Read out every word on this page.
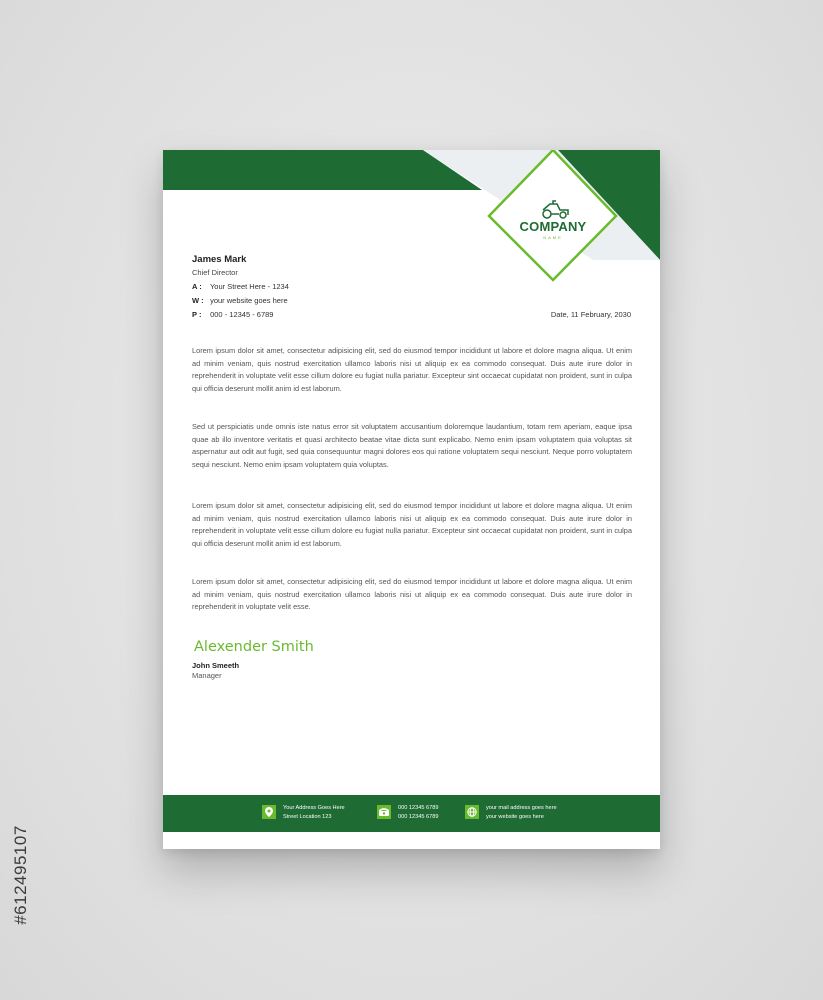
#612495107
COMPANY
NAME
James Mark
Chief Director
A : Your Street Here - 1234
W : your website goes here
P : 000 - 12345 - 6789	Date, 11 February, 2030
Lorem ipsum dolor sit amet, consectetur adipisicing elit, sed do eiusmod tempor incididunt ut labore et dolore magna aliqua. Ut enim ad minim veniam, quis nostrud exercitation ullamco laboris nisi ut aliquip ex ea commodo consequat. Duis aute irure dolor in reprehenderit in voluptate velit esse cillum dolore eu fugiat nulla pariatur. Excepteur sint occaecat cupidatat non proident, sunt in culpa qui officia deserunt mollit anim id est laborum.
Sed ut perspiciatis unde omnis iste natus error sit voluptatem accusantium doloremque laudantium, totam rem aperiam, eaque ipsa quae ab illo inventore veritatis et quasi architecto beatae vitae dicta sunt explicabo. Nemo enim ipsam voluptatem quia voluptas sit aspernatur aut odit aut fugit, sed quia consequuntur magni dolores eos qui ratione voluptatem sequi nesciunt. Neque porro voluptatem sequi nesciunt. Nemo enim ipsam voluptatem quia voluptas.
Lorem ipsum dolor sit amet, consectetur adipisicing elit, sed do eiusmod tempor incididunt ut labore et dolore magna aliqua. Ut enim ad minim veniam, quis nostrud exercitation ullamco laboris nisi ut aliquip ex ea commodo consequat. Duis aute irure dolor in reprehenderit in voluptate velit esse cillum dolore eu fugiat nulla pariatur. Excepteur sint occaecat cupidatat non proident, sunt in culpa qui officia deserunt mollit anim id est laborum.
Lorem ipsum dolor sit amet, consectetur adipisicing elit, sed do eiusmod tempor incididunt ut labore et dolore magna aliqua. Ut enim ad minim veniam, quis nostrud exercitation ullamco laboris nisi ut aliquip ex ea commodo consequat. Duis aute irure dolor in reprehenderit in voluptate velit esse.
Alexender Smith
John Smeeth
Manager
Your Address Goes Here
Street Location 123
000 12345 6789
000 12345 6789
your mail address goes here
your website goes here
